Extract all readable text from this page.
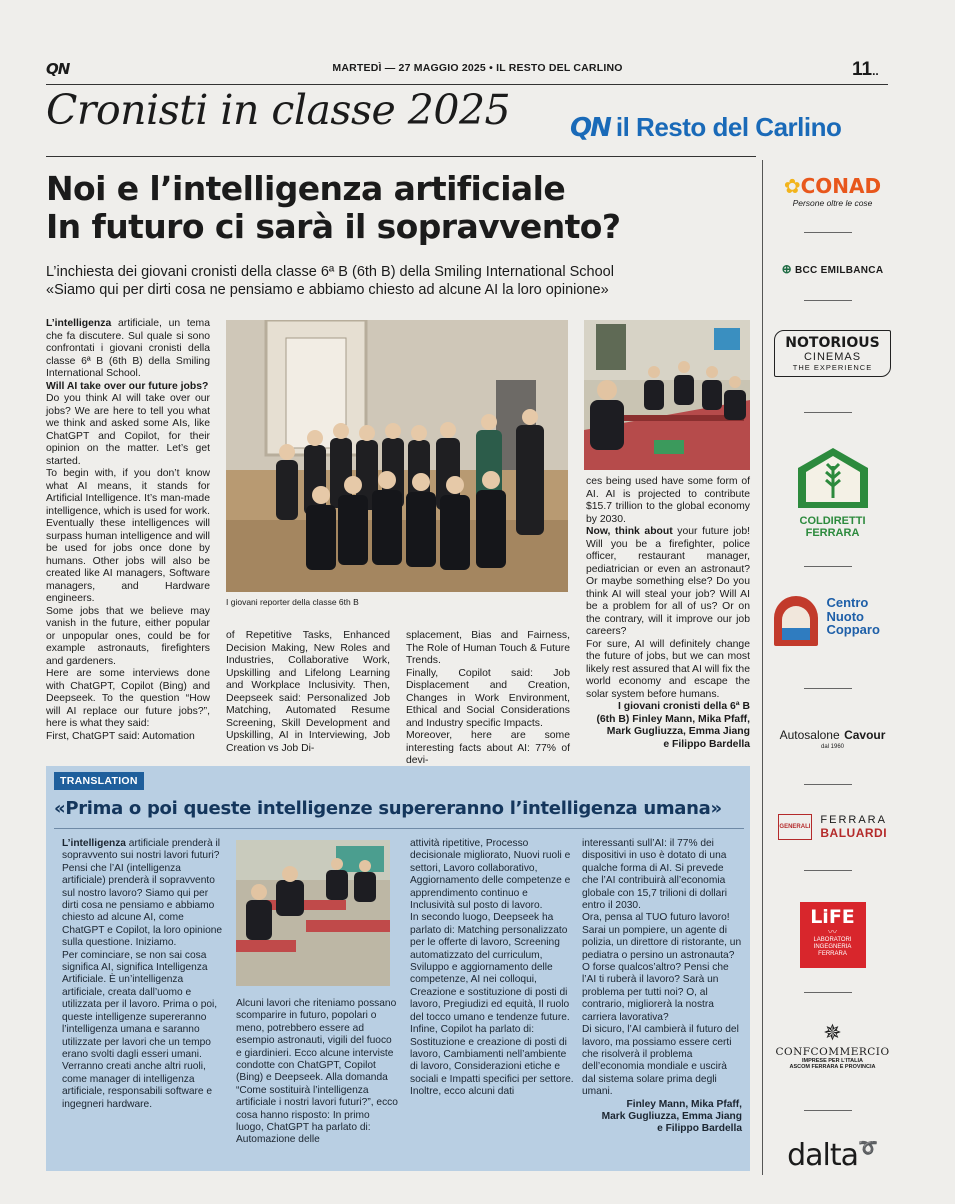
QN	MARTEDÌ — 27 MAGGIO 2025 • IL RESTO DEL CARLINO	11..
Cronisti in classe 2025 QN il Resto del Carlino
Noi e l’intelligenza artificiale
In futuro ci sarà il sopravvento?
L’inchiesta dei giovani cronisti della classe 6ª B (6th B) della Smiling International School
«Siamo qui per dirti cosa ne pensiamo e abbiamo chiesto ad alcune AI la loro opinione»

L’intelligenza artificiale, un tema che fa discutere. Sul quale si sono confrontati i giovani cronisti della classe 6ª B (6th B) della Smiling International School.

Will AI take over our future jobs?

Do you think AI will take over our jobs? We are here to tell you what we think and asked some AIs, like ChatGPT and Copilot, for their opinion on the matter. Let’s get started.

To begin with, if you don’t know what AI means, it stands for Artificial Intelligence. It’s man-made intelligence, which is used for work. Eventually these intelligences will surpass human intelligence and will be used for jobs once done by humans. Other jobs will also be created like AI managers, Software managers, and Hardware engineers.

Some jobs that we believe may vanish in the future, either popular or unpopular ones, could be for example astronauts, firefighters and gardeners.

Here are some interviews done with ChatGPT, Copilot (Bing) and Deepseek. To the question “How will AI replace our future jobs?”, here is what they said:

First, ChatGPT said: Automation

I giovani reporter della classe 6th B
of Repetitive Tasks, Enhanced Decision Making, New Roles and Industries, Collaborative Work, Upskilling and Lifelong Learning and Workplace Inclusivity. Then, Deepseek said: Personalized Job Matching, Automated Resume Screening, Skill Development and Upskilling, AI in Interviewing, Job Creation vs Job Di-

splacement, Bias and Fairness, The Role of Human Touch & Future Trends.

Finally, Copilot said: Job Displacement and Creation, Changes in Work Environment, Ethical and Social Considerations and Industry specific Impacts.

Moreover, here are some interesting facts about AI: 77% of devi-

ces being used have some form of AI. AI is projected to contribute $15.7 trillion to the global economy by 2030.

Now, think about your future job! Will you be a firefighter, police officer, restaurant manager, pediatrician or even an astronaut? Or maybe something else? Do you think AI will steal your job? Will AI be a problem for all of us? Or on the contrary, will it improve our job careers?

For sure, AI will definitely change the future of jobs, but we can most likely rest assured that AI will fix the world economy and escape the solar system before humans.

I giovani cronisti della 6ª B
(6th B) Finley Mann, Mika Pfaff,
Mark Gugliuzza, Emma Jiang
e Filippo Bardella

TRANSLATION
«Prima o poi queste intelligenze supereranno l’intelligenza umana»

L’intelligenza artificiale prenderà il sopravvento sui nostri lavori futuri?

Pensi che l’AI (intelligenza artificiale) prenderà il sopravvento sul nostro lavoro? Siamo qui per dirti cosa ne pensiamo e abbiamo chiesto ad alcune AI, come ChatGPT e Copilot, la loro opinione sulla questione. Iniziamo.

Per cominciare, se non sai cosa significa AI, significa Intelligenza Artificiale. È un’intelligenza artificiale, creata dall’uomo e utilizzata per il lavoro. Prima o poi, queste intelligenze supereranno l’intelligenza umana e saranno utilizzate per lavori che un tempo erano svolti dagli esseri umani. Verranno creati anche altri ruoli, come manager di intelligenza artificiale, responsabili software e ingegneri hardware.

Alcuni lavori che riteniamo possano scomparire in futuro, popolari o meno, potrebbero essere ad esempio astronauti, vigili del fuoco e giardinieri. Ecco alcune interviste condotte con ChatGPT, Copilot (Bing) e Deepseek. Alla domanda “Come sostituirà l’intelligenza artificiale i nostri lavori futuri?”, ecco cosa hanno risposto: In primo luogo, ChatGPT ha parlato di: Automazione delle

attività ripetitive, Processo decisionale migliorato, Nuovi ruoli e settori, Lavoro collaborativo, Aggiornamento delle competenze e apprendimento continuo e Inclusività sul posto di lavoro.

In secondo luogo, Deepseek ha parlato di: Matching personalizzato per le offerte di lavoro, Screening automatizzato del curriculum, Sviluppo e aggiornamento delle competenze, AI nei colloqui, Creazione e sostituzione di posti di lavoro, Pregiudizi ed equità, Il ruolo del tocco umano e tendenze future.

Infine, Copilot ha parlato di: Sostituzione e creazione di posti di lavoro, Cambiamenti nell’ambiente di lavoro, Considerazioni etiche e sociali e Impatti specifici per settore.

Inoltre, ecco alcuni dati

interessanti sull’AI: il 77% dei dispositivi in uso è dotato di una qualche forma di AI. Si prevede che l’AI contribuirà all’economia globale con 15,7 trilioni di dollari entro il 2030.

Ora, pensa al TUO futuro lavoro! Sarai un pompiere, un agente di polizia, un direttore di ristorante, un pediatra o persino un astronauta? O forse qualcos’altro? Pensi che l’AI ti ruberà il lavoro? Sarà un problema per tutti noi? O, al contrario, migliorerà la nostra carriera lavorativa?

Di sicuro, l’AI cambierà il futuro del lavoro, ma possiamo essere certi che risolverà il problema dell’economia mondiale e uscirà dal sistema solare prima degli umani.

Finley Mann, Mika Pfaff,
Mark Gugliuzza, Emma Jiang
e Filippo Bardella

✿CONAD
Persone oltre le cose
⊕ BCC EMILBANCA
NOTORIOUS
CINEMAS
THE EXPERIENCE
COLDIRETTI
FERRARA
Centro
Nuoto
Copparo
Autosalone Cavour
dal 1960
GENERALI
FERRARA
BALUARDI
LiFE
〰
LABORATORI
INGEGNERIA
FERRARA
✵
CONFCOMMERCIO
IMPRESE PER L’ITALIA
ASCOM FERRARA E PROVINCIA
dalta➰
